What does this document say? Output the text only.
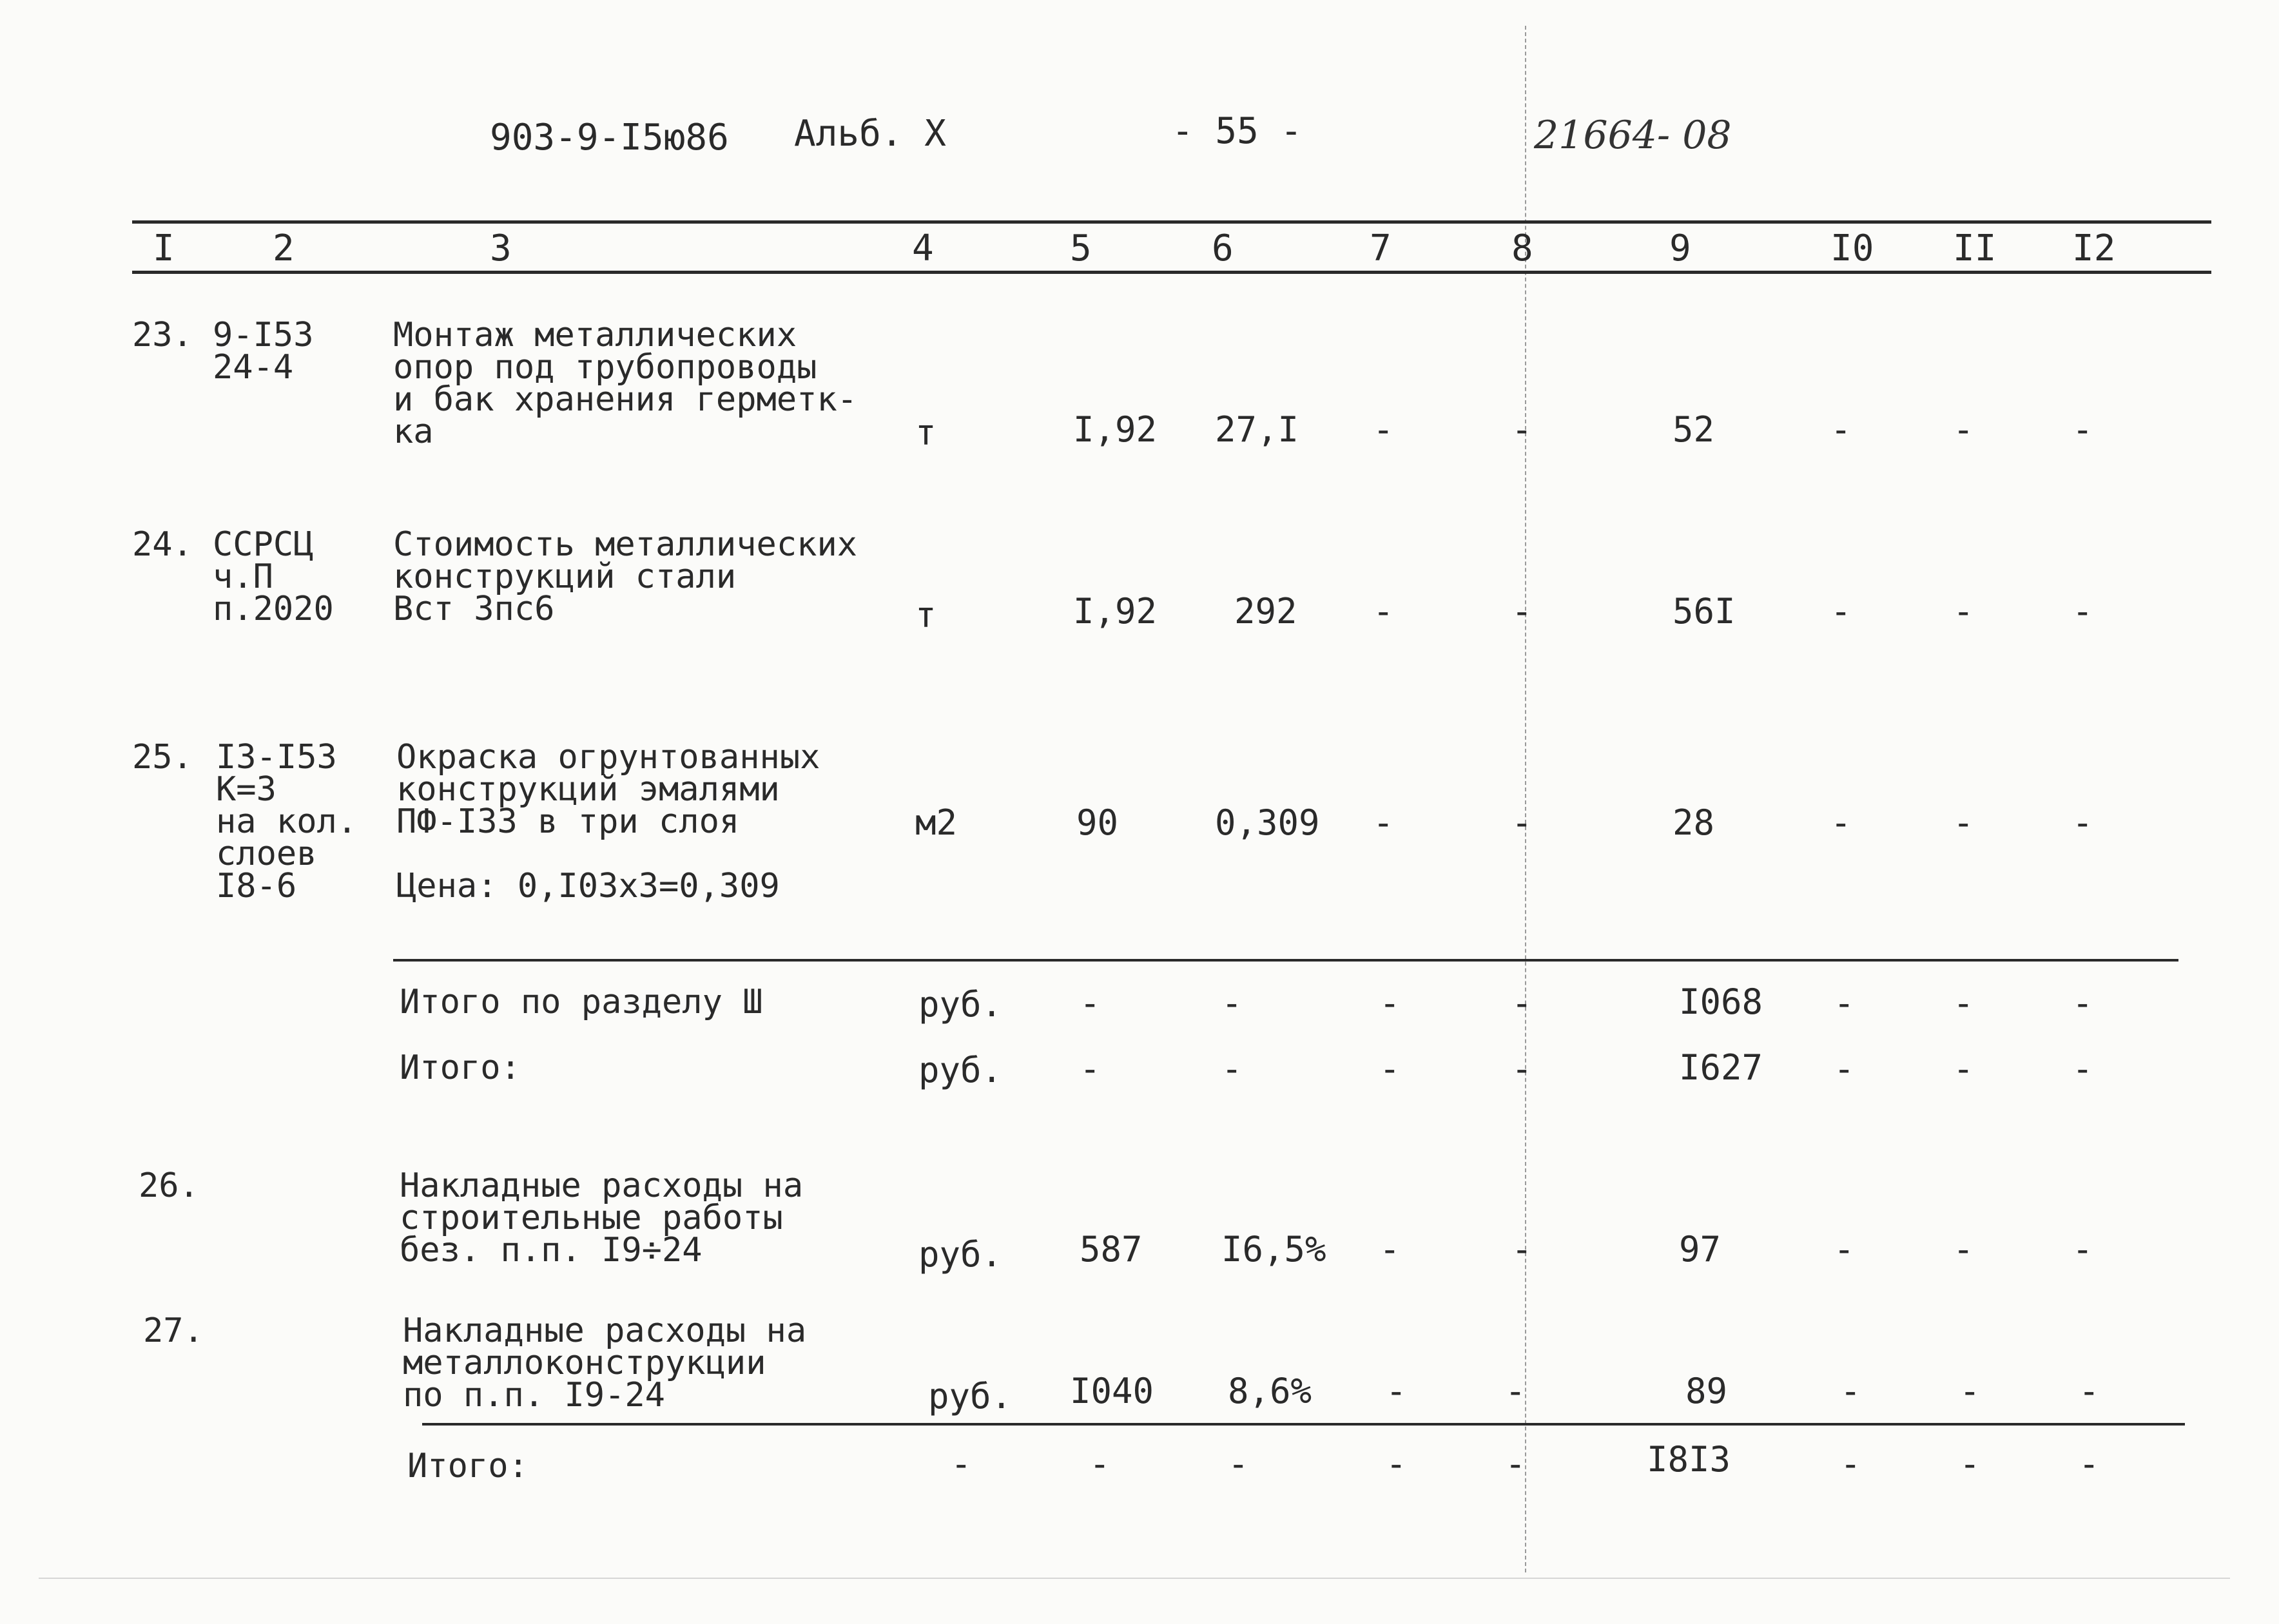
903-9-I5ю86 Альб. Х	- 55 -	21664- 08
I	2	3	4	5	6	7	8	9	I0 II I2
23. 9-I53
24-4
Монтаж металлических
опор под трубопроводы
и бак хранения герметк-
ка	т	I,92 27,I -	-	52	-	-	-
24. ССРСЦ
ч.П
п.2020
Стоимость металлических
конструкций стали
Вст 3пс6	т	I,92 292 -	-	56I	-	-	-
25. I3-I53
К=3
на кол.
слоев
I8-6
Окраска огрунтованных
конструкций эмалями
ПФ-I33 в три слоя
Цена: 0,I03х3=0,309
м2	90	0,309 -	-	28	-	-	-
Итого по разделу Ш	руб. -	-	-	-	I068 -	-	-
Итого:	руб. -	-	-	-	I627 -	-	-
26.	Накладные расходы на
строительные работы
без. п.п. I9÷24	руб. 587 I6,5% -	-	97	-	-	-
27.	Накладные расходы на
металлоконструкции
по п.п. I9-24	руб. I040 8,6% -	-	89	-	-	-
Итого:	-	-	-	-	-	I8I3	-	-	-
